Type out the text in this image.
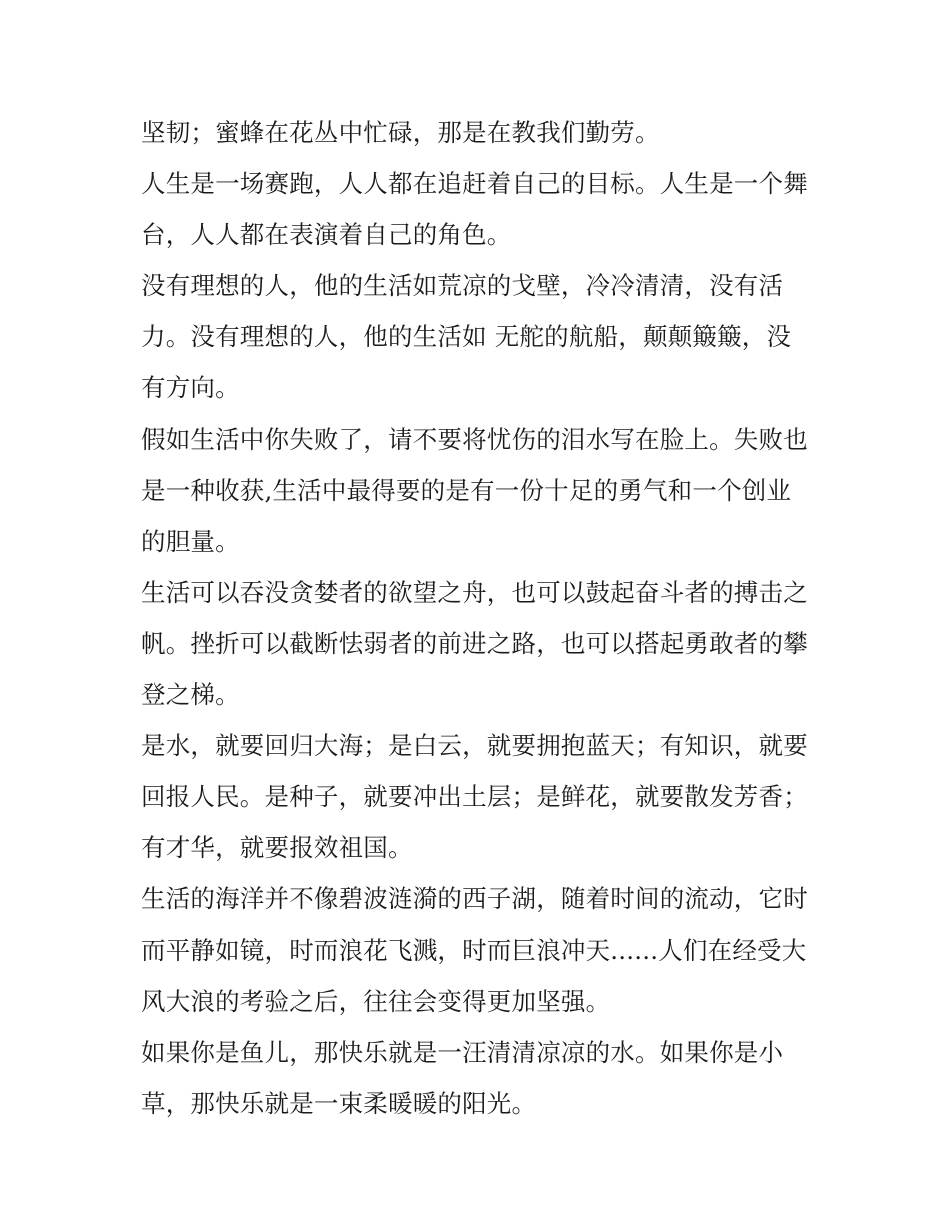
坚韧；蜜蜂在花丛中忙碌，那是在教我们勤劳。

人生是一场赛跑，人人都在追赶着自己的目标。人生是一个舞

台，人人都在表演着自己的角色。

没有理想的人，他的生活如荒凉的戈壁，冷冷清清，没有活

力。没有理想的人，他的生活如 无舵的航船，颠颠簸簸，没

有方向。

假如生活中你失败了，请不要将忧伤的泪水写在脸上。失败也

是一种收获,生活中最得要的是有一份十足的勇气和一个创业

的胆量。

生活可以吞没贪婪者的欲望之舟，也可以鼓起奋斗者的搏击之

帆。挫折可以截断怯弱者的前进之路，也可以搭起勇敢者的攀

登之梯。

是水，就要回归大海；是白云，就要拥抱蓝天；有知识，就要

回报人民。是种子，就要冲出土层；是鲜花，就要散发芳香；

有才华，就要报效祖国。

生活的海洋并不像碧波涟漪的西子湖，随着时间的流动，它时

而平静如镜，时而浪花飞溅，时而巨浪冲天......人们在经受大

风大浪的考验之后，往往会变得更加坚强。

如果你是鱼儿，那快乐就是一汪清清凉凉的水。如果你是小

草，那快乐就是一束柔暖暖的阳光。
